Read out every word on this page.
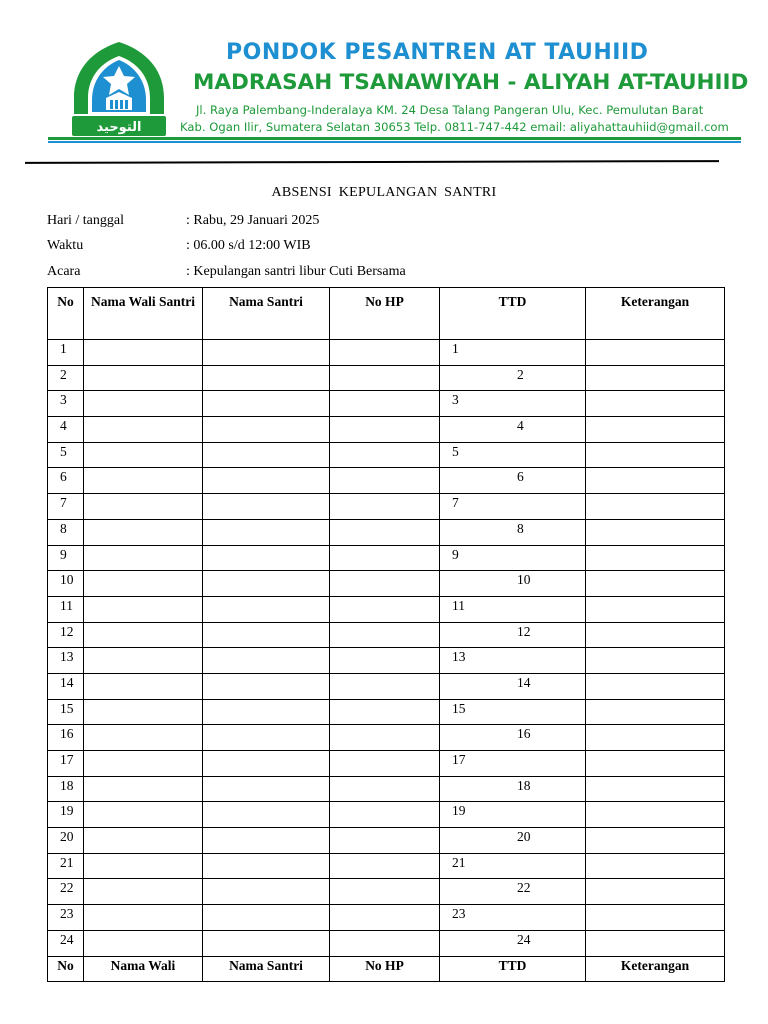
التوحيد
PONDOK PESANTREN AT TAUHIID
MADRASAH TSANAWIYAH - ALIYAH AT-TAUHIID
Jl. Raya Palembang-Inderalaya KM. 24 Desa Talang Pangeran Ulu, Kec. Pemulutan Barat
Kab. Ogan Ilir, Sumatera Selatan 30653 Telp. 0811-747-442 email: aliyahattauhiid@gmail.com
ABSENSI KEPULANGAN SANTRI
Hari / tanggal	: Rabu, 29 Januari 2025
Waktu	: 06.00 s/d 12:00 WIB
Acara	: Kepulangan santri libur Cuti Bersama
No	Nama Wali Santri	Nama Santri	No HP	TTD	Keterangan
1				1	
2				2	
3				3	
4				4	
5				5	
6				6	
7				7	
8				8	
9				9	
10				10	
11				11	
12				12	
13				13	
14				14	
15				15	
16				16	
17				17	
18				18	
19				19	
20				20	
21				21	
22				22	
23				23	
24				24	
No	Nama Wali	Nama Santri	No HP	TTD	Keterangan
